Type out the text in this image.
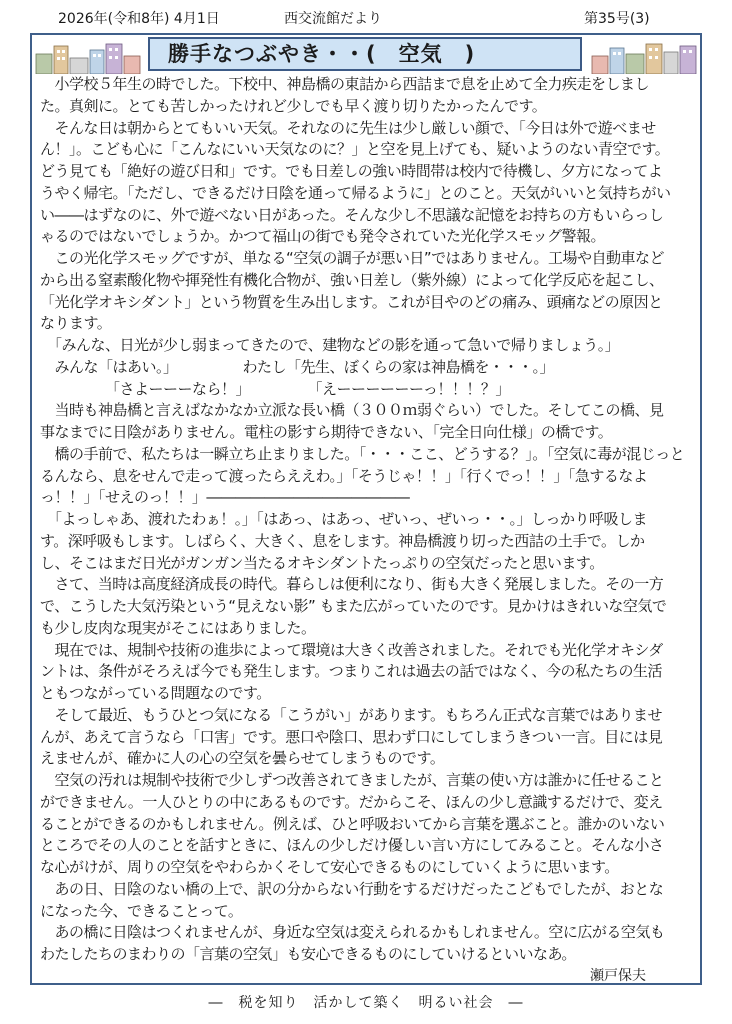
2026年(令和8年) 4月1日	西交流館だより	第35号(3)
勝手なつぶやき・・(　空気　)
　小学校５年生の時でした。下校中、神島橋の東詰から西詰まで息を止めて全力疾走をしまし
た。真剣に。とても苦しかったけれど少しでも早く渡り切りたかったんです。
　そんな日は朝からとてもいい天気。それなのに先生は少し厳しい顔で、「今日は外で遊べませ
ん！」。こども心に「こんなにいい天気なのに？」と空を見上げても、疑いようのない青空です。
どう見ても「絶好の遊び日和」です。でも日差しの強い時間帯は校内で待機し、夕方になってよ
うやく帰宅。「ただし、できるだけ日陰を通って帰るように」とのこと。天気がいいと気持ちがい
い――はずなのに、外で遊べない日があった。そんな少し不思議な記憶をお持ちの方もいらっし
ゃるのではないでしょうか。かつて福山の街でも発令されていた光化学スモッグ警報。
　この光化学スモッグですが、単なる“空気の調子が悪い日”ではありません。工場や自動車など
から出る窒素酸化物や揮発性有機化合物が、強い日差し（紫外線）によって化学反応を起こし、
「光化学オキシダント」という物質を生み出します。これが目やのどの痛み、頭痛などの原因と
なります。
　「みんな、日光が少し弱まってきたので、建物などの影を通って急いで帰りましょう。」
　みんな「はあい。」　　　　　わたし「先生、ぼくらの家は神島橋を・・・。」
　　　　　「さよーーーなら！」　　　　　「えーーーーーーっ！！！？」
　当時も神島橋と言えばなかなか立派な長い橋（３００ｍ弱ぐらい）でした。そしてこの橋、見
事なまでに日陰がありません。電柱の影すら期待できない、「完全日向仕様」の橋です。
　橋の手前で、私たちは一瞬立ち止まりました。「・・・ここ、どうする？」。「空気に毒が混じっと
るんなら、息をせんで走って渡ったらええわ。」「そうじゃ！！」「行くでっ！！」「急するなよ
っ！！」「せえのっ！！」――――――――――――――
　「よっしゃあ、渡れたわぁ！。」「はあっ、はあっ、ぜいっ、ぜいっ・・。」しっかり呼吸しま
す。深呼吸もします。しばらく、大きく、息をします。神島橋渡り切った西詰の土手で。しか
し、そこはまだ日光がガンガン当たるオキシダントたっぷりの空気だったと思います。
　さて、当時は高度経済成長の時代。暮らしは便利になり、街も大きく発展しました。その一方
で、こうした大気汚染という“見えない影” もまた広がっていたのです。見かけはきれいな空気で
も少し皮肉な現実がそこにはありました。
　現在では、規制や技術の進歩によって環境は大きく改善されました。それでも光化学オキシダ
ントは、条件がそろえば今でも発生します。つまりこれは過去の話ではなく、今の私たちの生活
ともつながっている問題なのです。
　そして最近、もうひとつ気になる「こうがい」があります。もちろん正式な言葉ではありませ
んが、あえて言うなら「口害」です。悪口や陰口、思わず口にしてしまうきつい一言。目には見
えませんが、確かに人の心の空気を曇らせてしまうものです。
　空気の汚れは規制や技術で少しずつ改善されてきましたが、言葉の使い方は誰かに任せること
ができません。一人ひとりの中にあるものです。だからこそ、ほんの少し意識するだけで、変え
ることができるのかもしれません。例えば、ひと呼吸おいてから言葉を選ぶこと。誰かのいない
ところでその人のことを話すときに、ほんの少しだけ優しい言い方にしてみること。そんな小さ
な心がけが、周りの空気をやわらかくそして安心できるものにしていくように思います。
　あの日、日陰のない橋の上で、訳の分からない行動をするだけだったこどもでしたが、おとな
になった今、できることって。
　あの橋に日陰はつくれませんが、身近な空気は変えられるかもしれません。空に広がる空気も
わたしたちのまわりの「言葉の空気」も安心できるものにしていけるといいなあ。
瀬戸保夫
―　税を知り　活かして築く　明るい社会　―
